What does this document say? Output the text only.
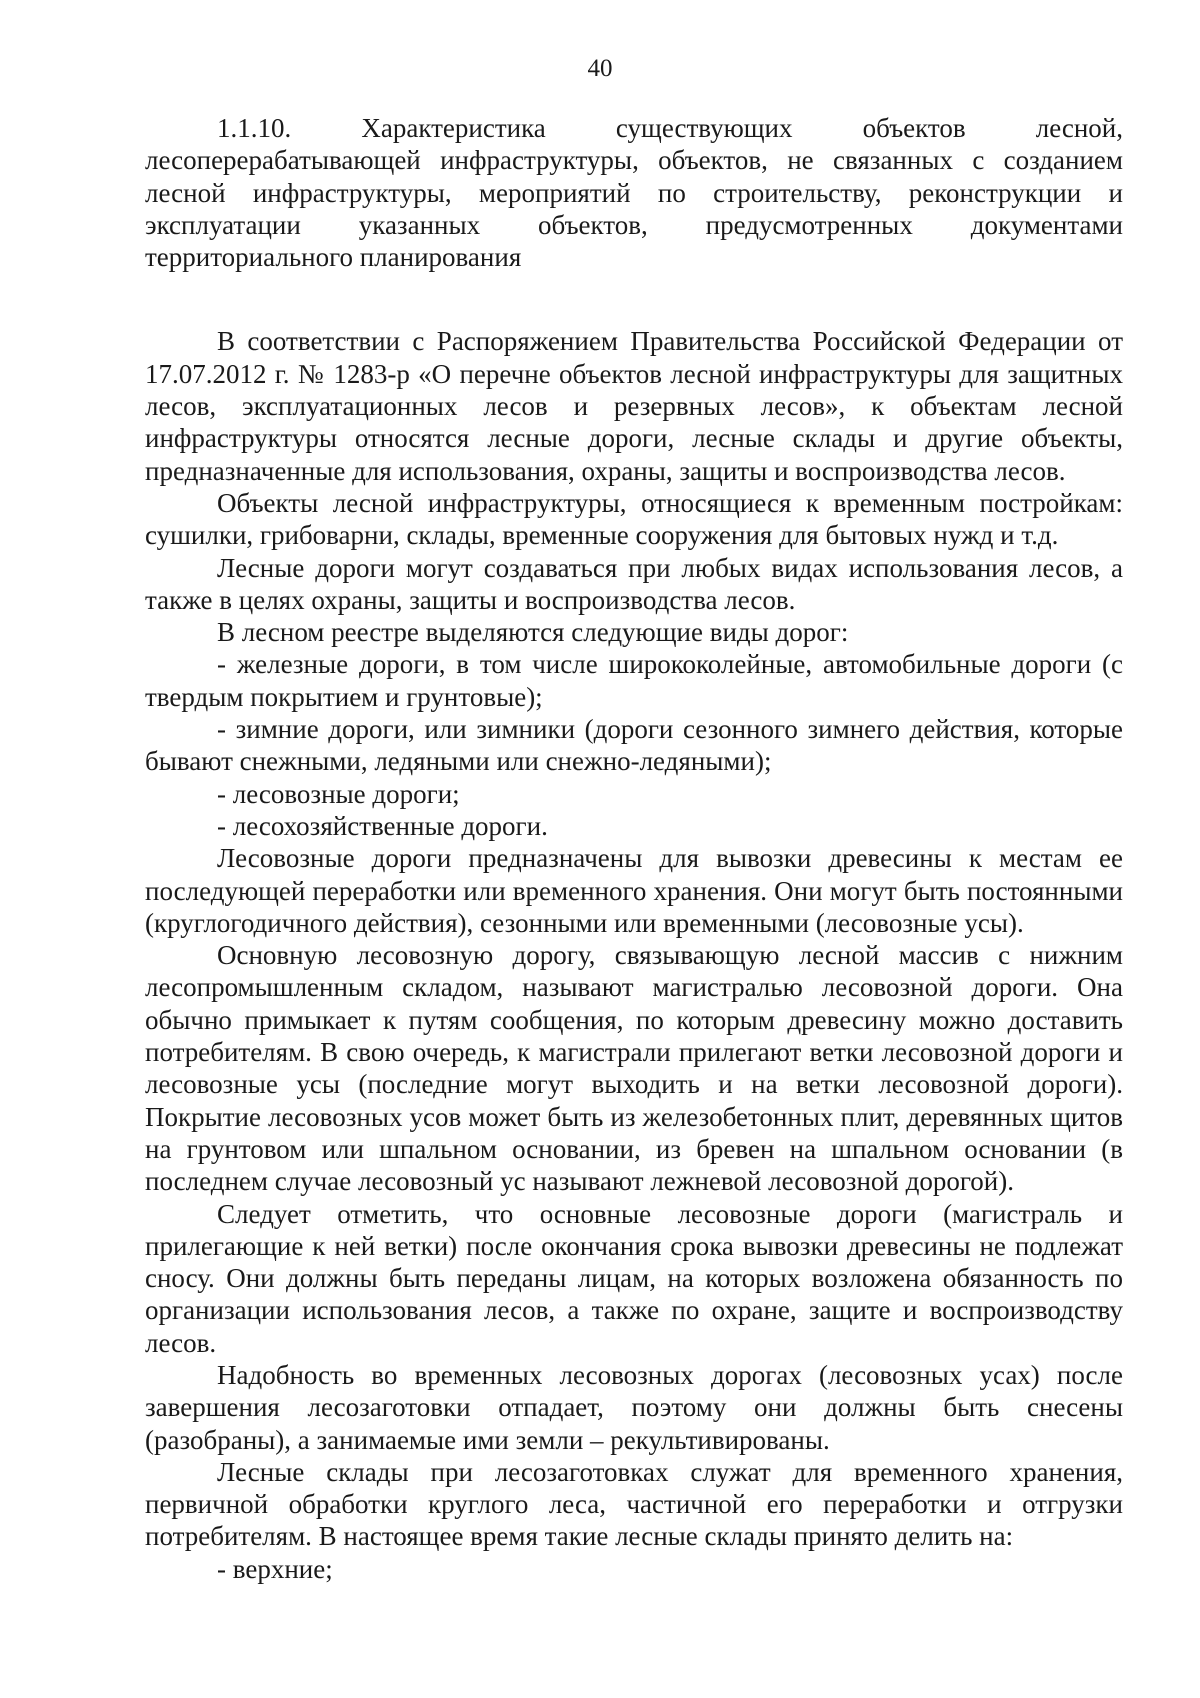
40

1.1.10. Характеристика существующих объектов лесной, лесоперерабатывающей инфраструктуры, объектов, не связанных с созданием лесной инфраструктуры, мероприятий по строительству, реконструкции и эксплуатации указанных объектов, предусмотренных документами территориального планирования

В соответствии с Распоряжением Правительства Российской Федерации от 17.07.2012 г. № 1283-р «О перечне объектов лесной инфраструктуры для защитных лесов, эксплуатационных лесов и резервных лесов», к объектам лесной инфраструктуры относятся лесные дороги, лесные склады и другие объекты, предназначенные для использования, охраны, защиты и воспроизводства лесов.

Объекты лесной инфраструктуры, относящиеся к временным постройкам: сушилки, грибоварни, склады, временные сооружения для бытовых нужд и т.д.

Лесные дороги могут создаваться при любых видах использования лесов, а также в целях охраны, защиты и воспроизводства лесов.

В лесном реестре выделяются следующие виды дорог:

- железные дороги, в том числе ширококолейные, автомобильные дороги (с твердым покрытием и грунтовые);

- зимние дороги, или зимники (дороги сезонного зимнего действия, которые бывают снежными, ледяными или снежно-ледяными);

- лесовозные дороги;

- лесохозяйственные дороги.

Лесовозные дороги предназначены для вывозки древесины к местам ее последующей переработки или временного хранения. Они могут быть постоянными (круглогодичного действия), сезонными или временными (лесовозные усы).

Основную лесовозную дорогу, связывающую лесной массив с нижним лесопромышленным складом, называют магистралью лесовозной дороги. Она обычно примыкает к путям сообщения, по которым древесину можно доставить потребителям. В свою очередь, к магистрали прилегают ветки лесовозной дороги и лесовозные усы (последние могут выходить и на ветки лесовозной дороги). Покрытие лесовозных усов может быть из железобетонных плит, деревянных щитов на грунтовом или шпальном основании, из бревен на шпальном основании (в последнем случае лесовозный ус называют лежневой лесовозной дорогой).

Следует отметить, что основные лесовозные дороги (магистраль и прилегающие к ней ветки) после окончания срока вывозки древесины не подлежат сносу. Они должны быть переданы лицам, на которых возложена обязанность по организации использования лесов, а также по охране, защите и воспроизводству лесов.

Надобность во временных лесовозных дорогах (лесовозных усах) после завершения лесозаготовки отпадает, поэтому они должны быть снесены (разобраны), а занимаемые ими земли – рекультивированы.

Лесные склады при лесозаготовках служат для временного хранения, первичной обработки круглого леса, частичной его переработки и отгрузки потребителям. В настоящее время такие лесные склады принято делить на:

- верхние;
